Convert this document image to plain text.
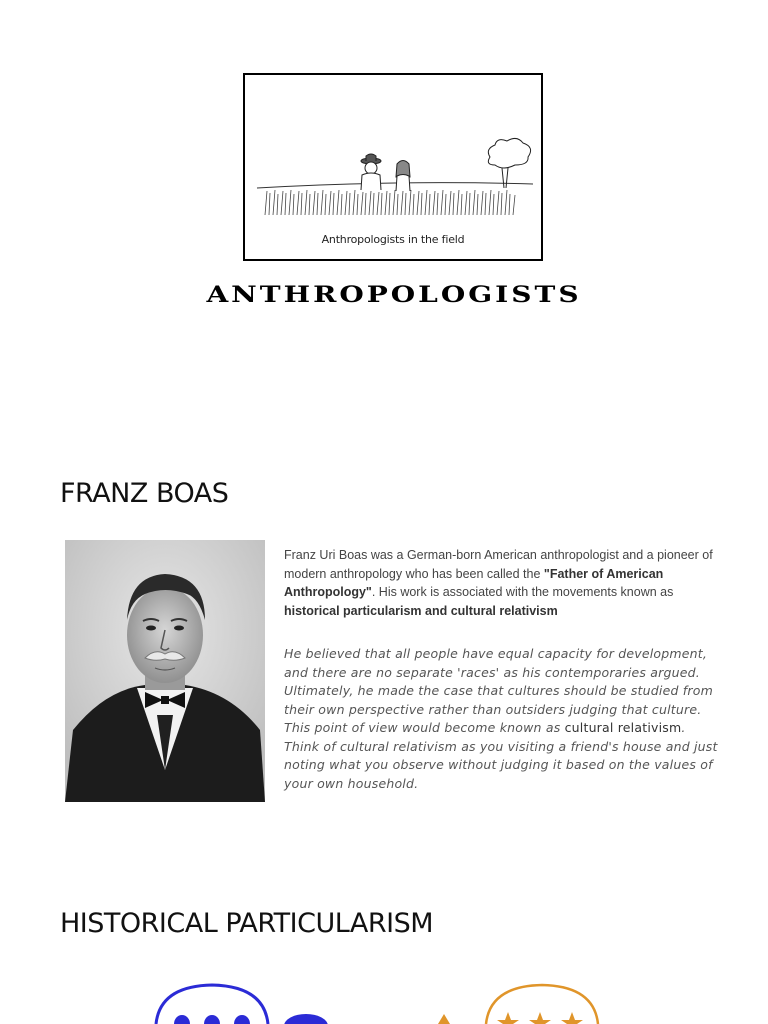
Anthropologists in the field
ANTHROPOLOGISTS
FRANZ BOAS

Franz Uri Boas was a German-born American anthropologist and a pioneer of modern anthropology who has been called the "Father of American Anthropology". His work is associated with the movements known as historical particularism and cultural relativism

He believed that all people have equal capacity for development, and there are no separate 'races' as his contemporaries argued. Ultimately, he made the case that cultures should be studied from their own perspective rather than outsiders judging that culture. This point of view would become known as cultural relativism. Think of cultural relativism as you visiting a friend's house and just noting what you observe without judging it based on the values of your own household.

HISTORICAL PARTICULARISM
